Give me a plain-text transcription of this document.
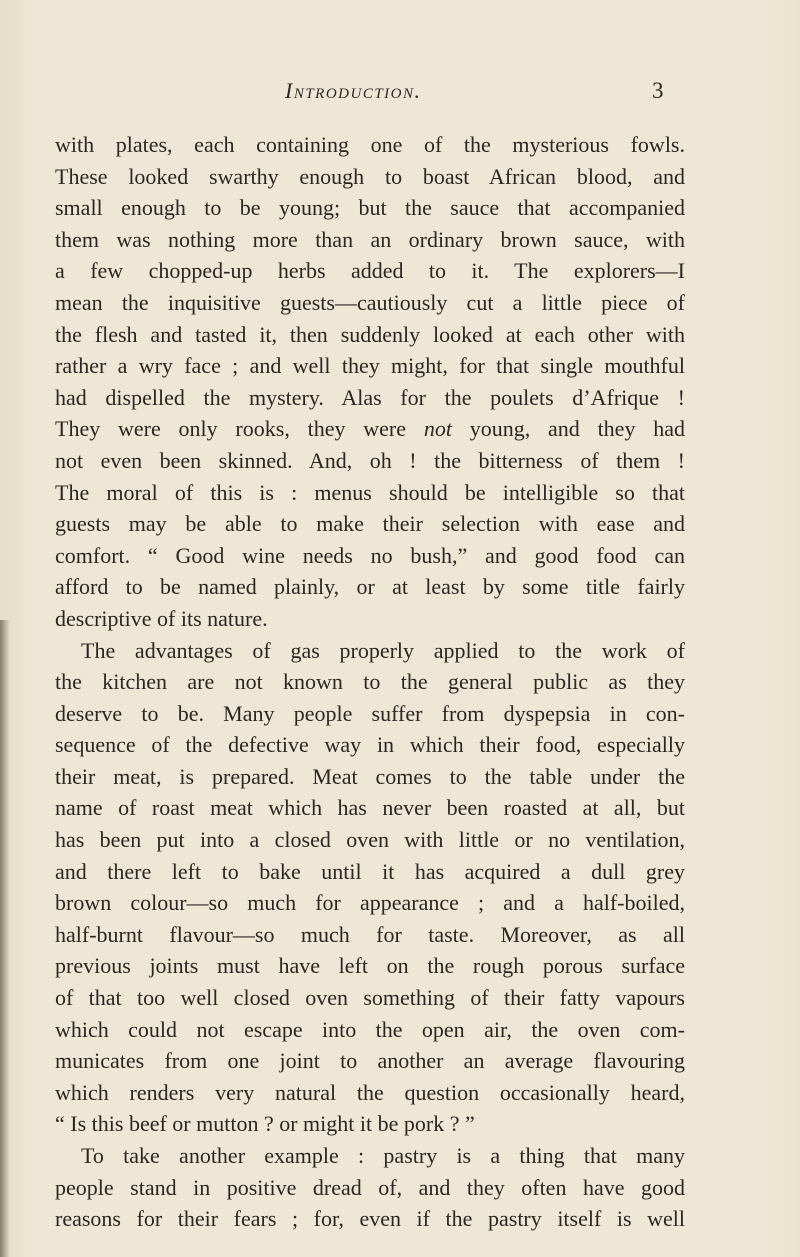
Introduction.	3
with plates, each containing one of the mysterious fowls.
These looked swarthy enough to boast African blood, and
small enough to be young; but the sauce that accompanied
them was nothing more than an ordinary brown sauce, with
a few chopped-up herbs added to it. The explorers—I
mean the inquisitive guests—cautiously cut a little piece of
the flesh and tasted it, then suddenly looked at each other with
rather a wry face ; and well they might, for that single mouthful
had dispelled the mystery. Alas for the poulets d’Afrique !
They were only rooks, they were not young, and they had
not even been skinned. And, oh ! the bitterness of them !
The moral of this is : menus should be intelligible so that
guests may be able to make their selection with ease and
comfort. “ Good wine needs no bush,” and good food can
afford to be named plainly, or at least by some title fairly
descriptive of its nature.
The advantages of gas properly applied to the work of
the kitchen are not known to the general public as they
deserve to be. Many people suffer from dyspepsia in con-
sequence of the defective way in which their food, especially
their meat, is prepared. Meat comes to the table under the
name of roast meat which has never been roasted at all, but
has been put into a closed oven with little or no ventilation,
and there left to bake until it has acquired a dull grey
brown colour—so much for appearance ; and a half-boiled,
half-burnt flavour—so much for taste. Moreover, as all
previous joints must have left on the rough porous surface
of that too well closed oven something of their fatty vapours
which could not escape into the open air, the oven com-
municates from one joint to another an average flavouring
which renders very natural the question occasionally heard,
“ Is this beef or mutton ? or might it be pork ? ”
To take another example : pastry is a thing that many
people stand in positive dread of, and they often have good
reasons for their fears ; for, even if the pastry itself is well
